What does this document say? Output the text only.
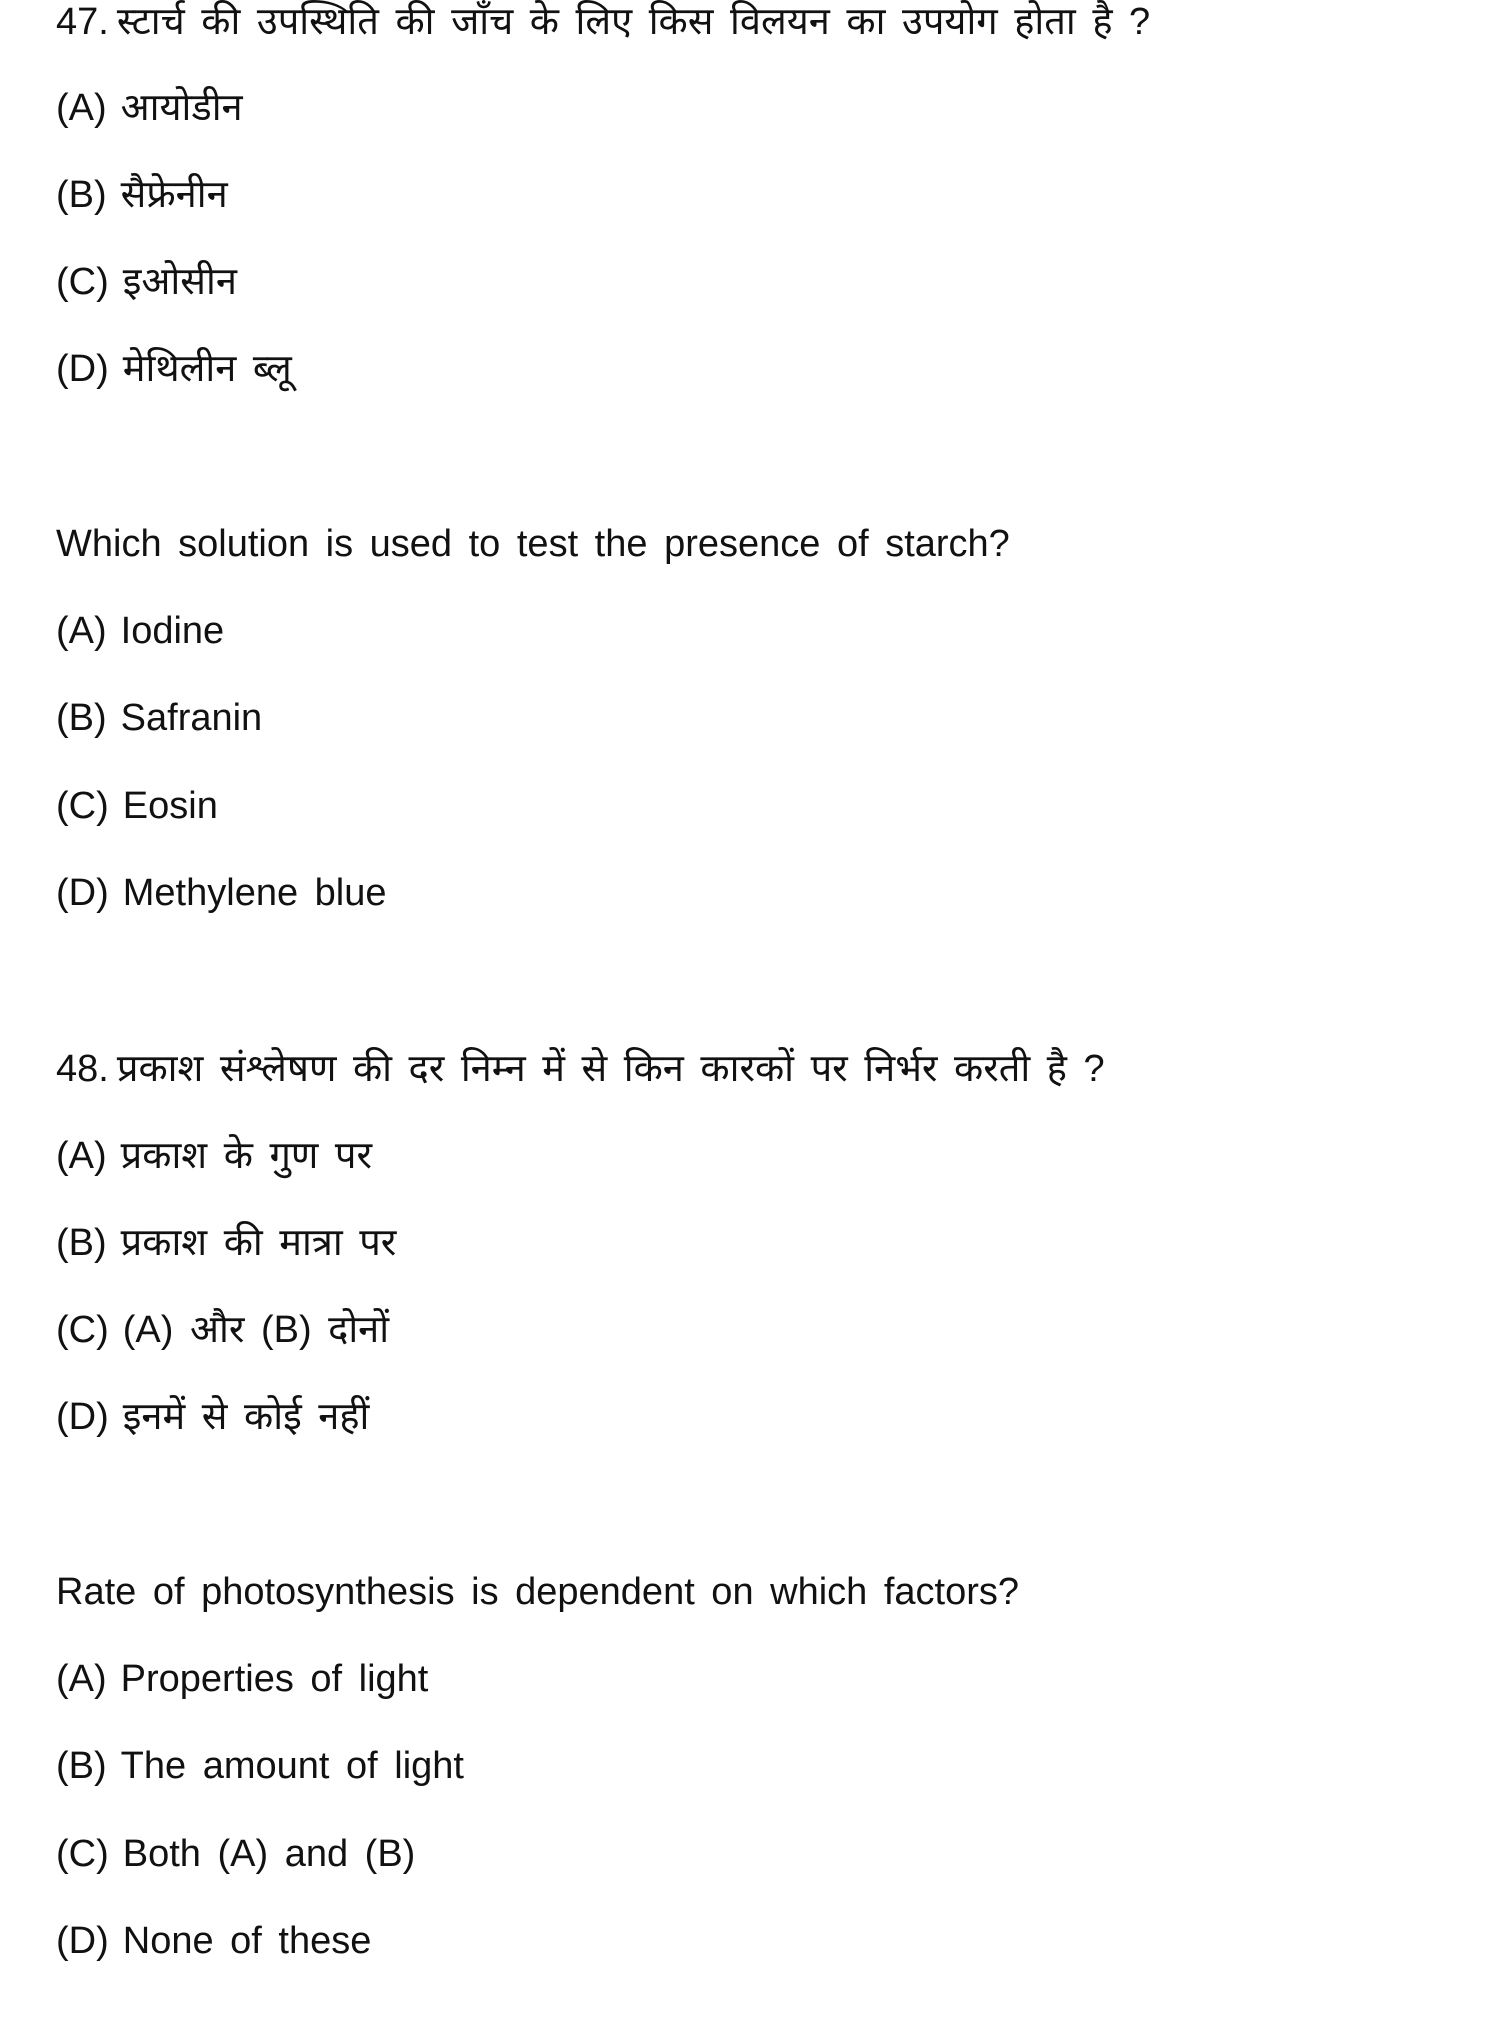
47. स्टार्च की उपस्थिति की जाँच के लिए किस विलयन का उपयोग होता है ?
(A) आयोडीन
(B) सैफ्रेनीन
(C) इओसीन
(D) मेथिलीन ब्लू
Which solution is used to test the presence of starch?
(A) Iodine
(B) Safranin
(C) Eosin
(D) Methylene blue
48. प्रकाश संश्लेषण की दर निम्न में से किन कारकों पर निर्भर करती है ?
(A) प्रकाश के गुण पर
(B) प्रकाश की मात्रा पर
(C) (A) और (B) दोनों
(D) इनमें से कोई नहीं
Rate of photosynthesis is dependent on which factors?
(A) Properties of light
(B) The amount of light
(C) Both (A) and (B)
(D) None of these
